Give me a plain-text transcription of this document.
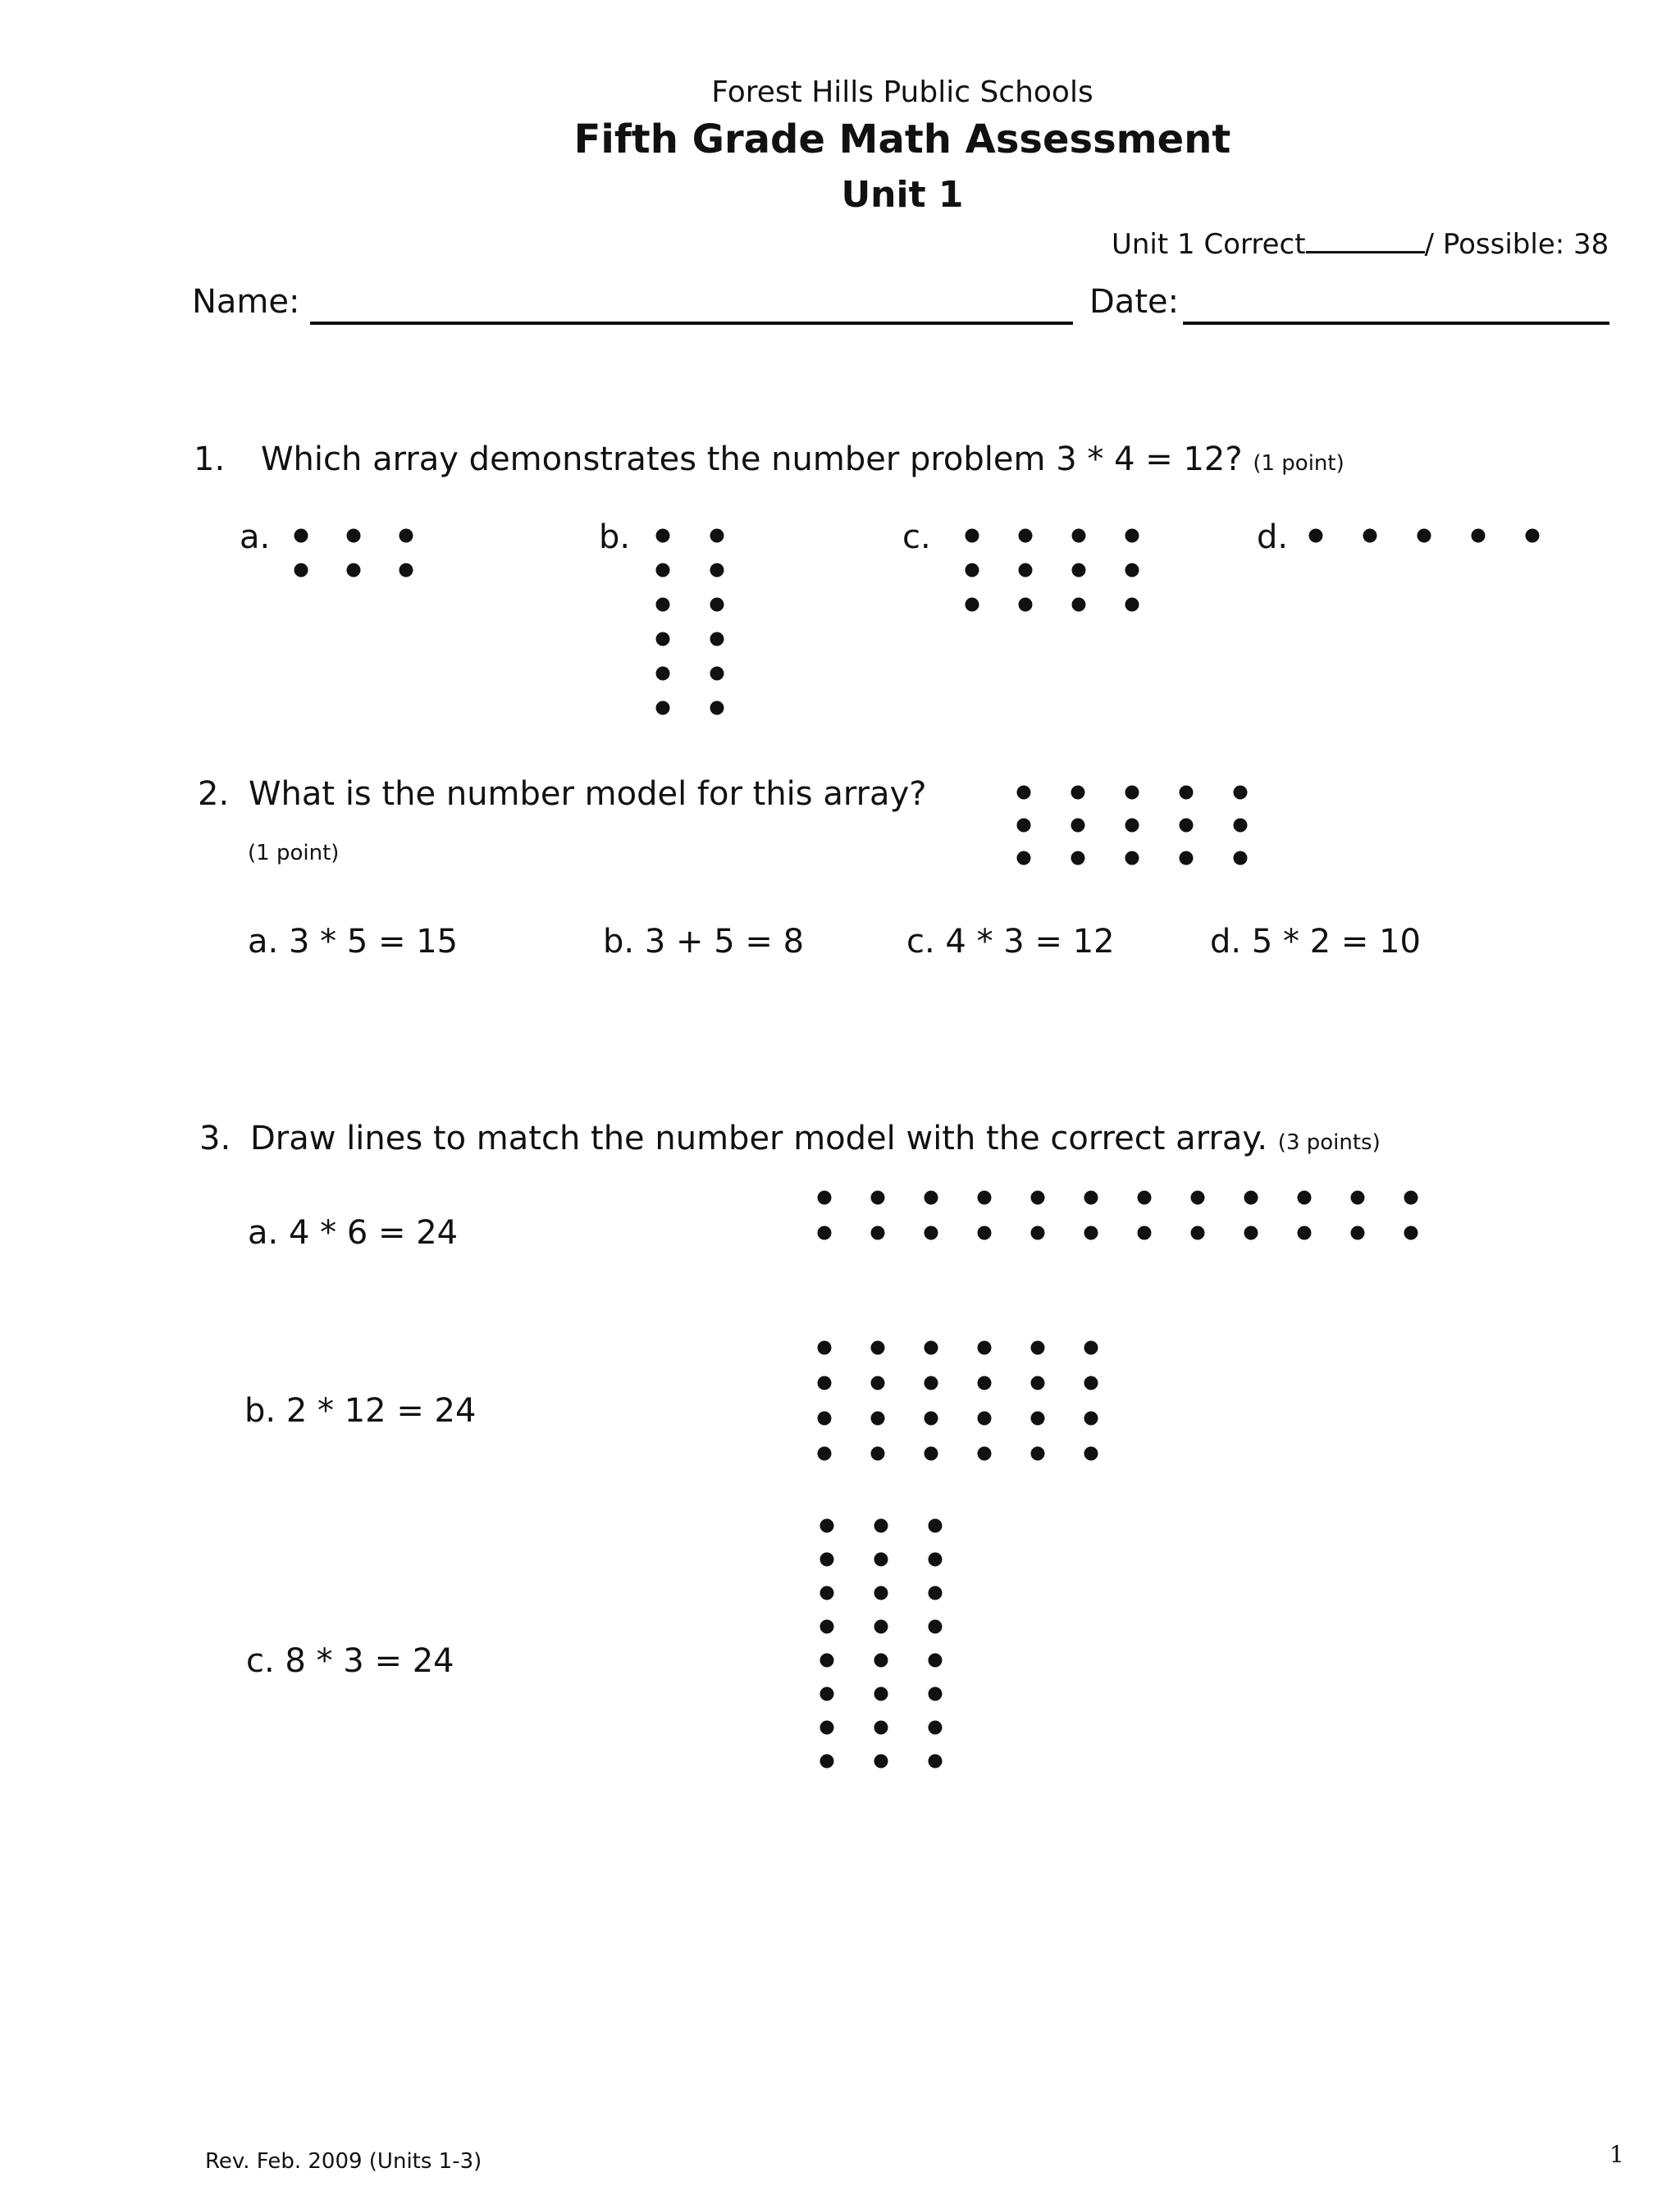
Forest Hills Public Schools
Fifth Grade Math Assessment
Unit 1
Unit 1 Correct	/ Possible: 38
Name:	Date:
1. Which array demonstrates the number problem 3 * 4 = 12? (1 point)
a.	b.	c.	d.
2. What is the number model for this array?
(1 point)
a. 3 * 5 = 15	b. 3 + 5 = 8	c. 4 * 3 = 12	d. 5 * 2 = 10
3. Draw lines to match the number model with the correct array. (3 points)
a. 4 * 6 = 24
b. 2 * 12 = 24
c. 8 * 3 = 24
Rev. Feb. 2009 (Units 1-3)	1
